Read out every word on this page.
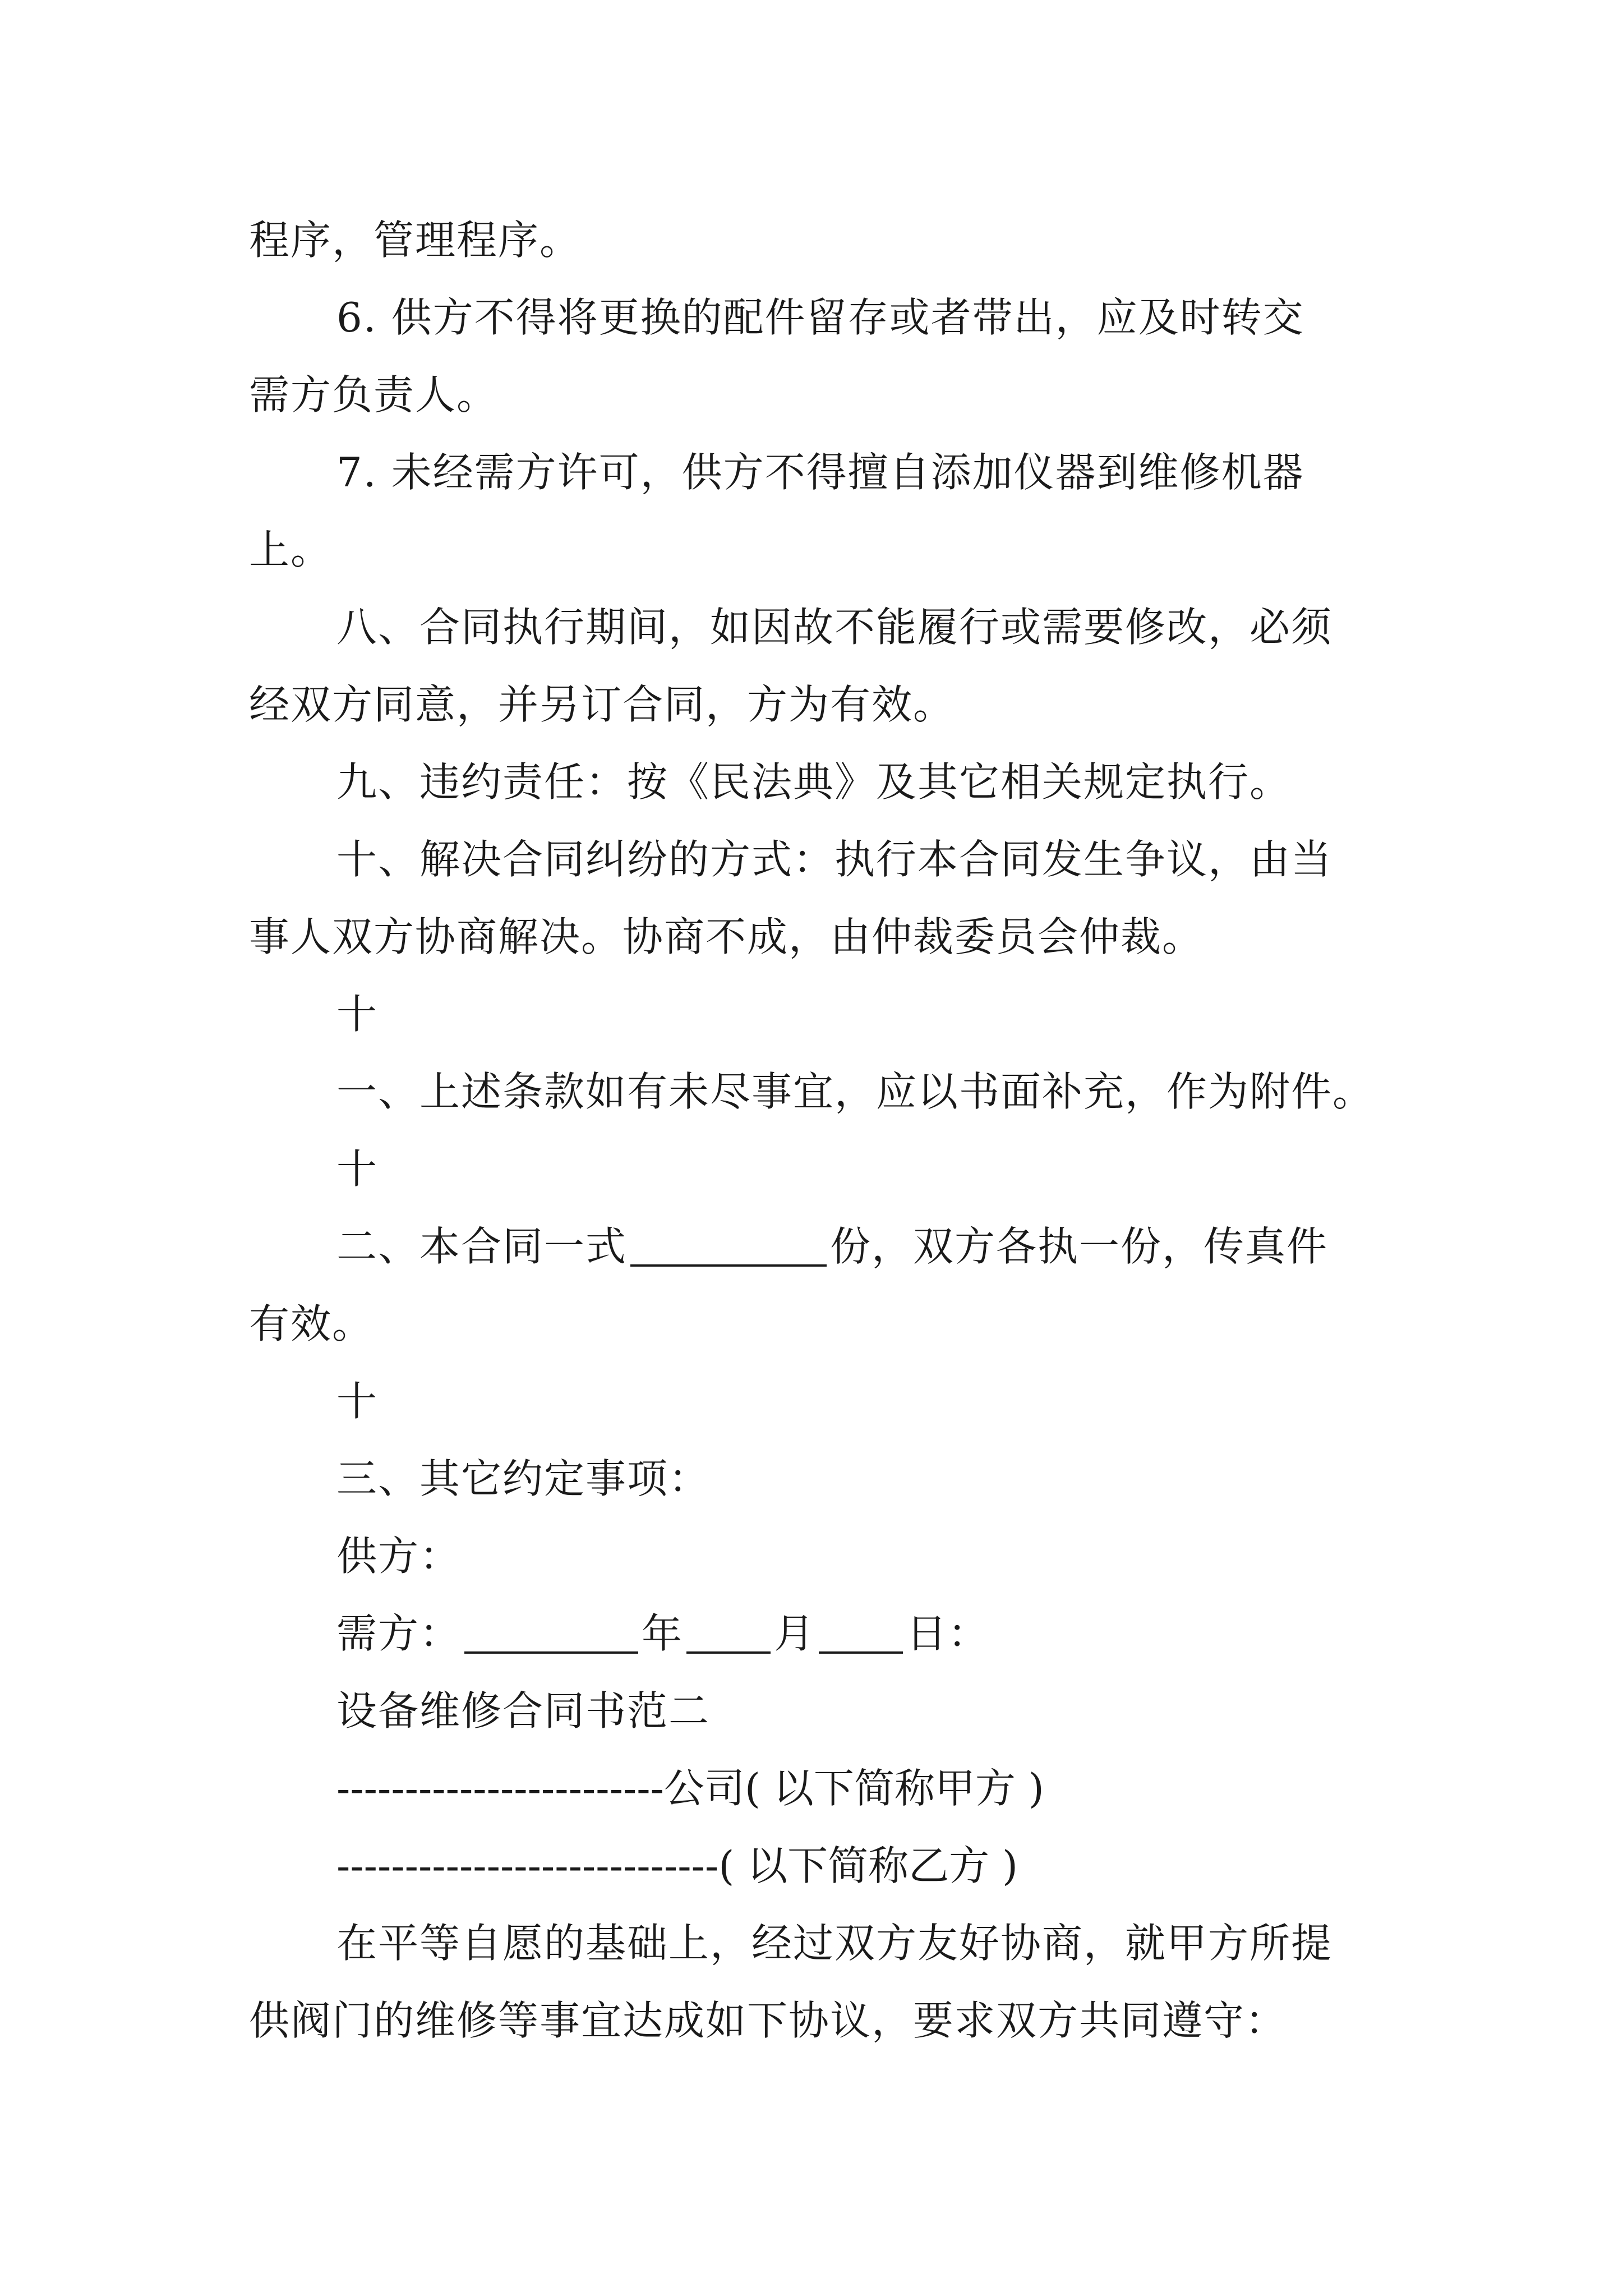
程序，管理程序。
6. 供方不得将更换的配件留存或者带出，应及时转交
需方负责人。
7. 未经需方许可，供方不得擅自添加仪器到维修机器
上。
八、合同执行期间，如因故不能履行或需要修改，必须
经双方同意，并另订合同，方为有效。
九、违约责任：按《民法典》及其它相关规定执行。
十、解决合同纠纷的方式：执行本合同发生争议，由当
事人双方协商解决。协商不成，由仲裁委员会仲裁。
十
一、上述条款如有未尽事宜，应以书面补充，作为附件。
十
二、本合同一式	份，双方各执一份，传真件
有效。
十
三、其它约定事项：
供方：
需方：	年 月 日：
设备维修合同书范二
------------------------公司( 以下简称甲方 )
----------------------------( 以下简称乙方 )
在平等自愿的基础上，经过双方友好协商，就甲方所提
供阀门的维修等事宜达成如下协议，要求双方共同遵守：
